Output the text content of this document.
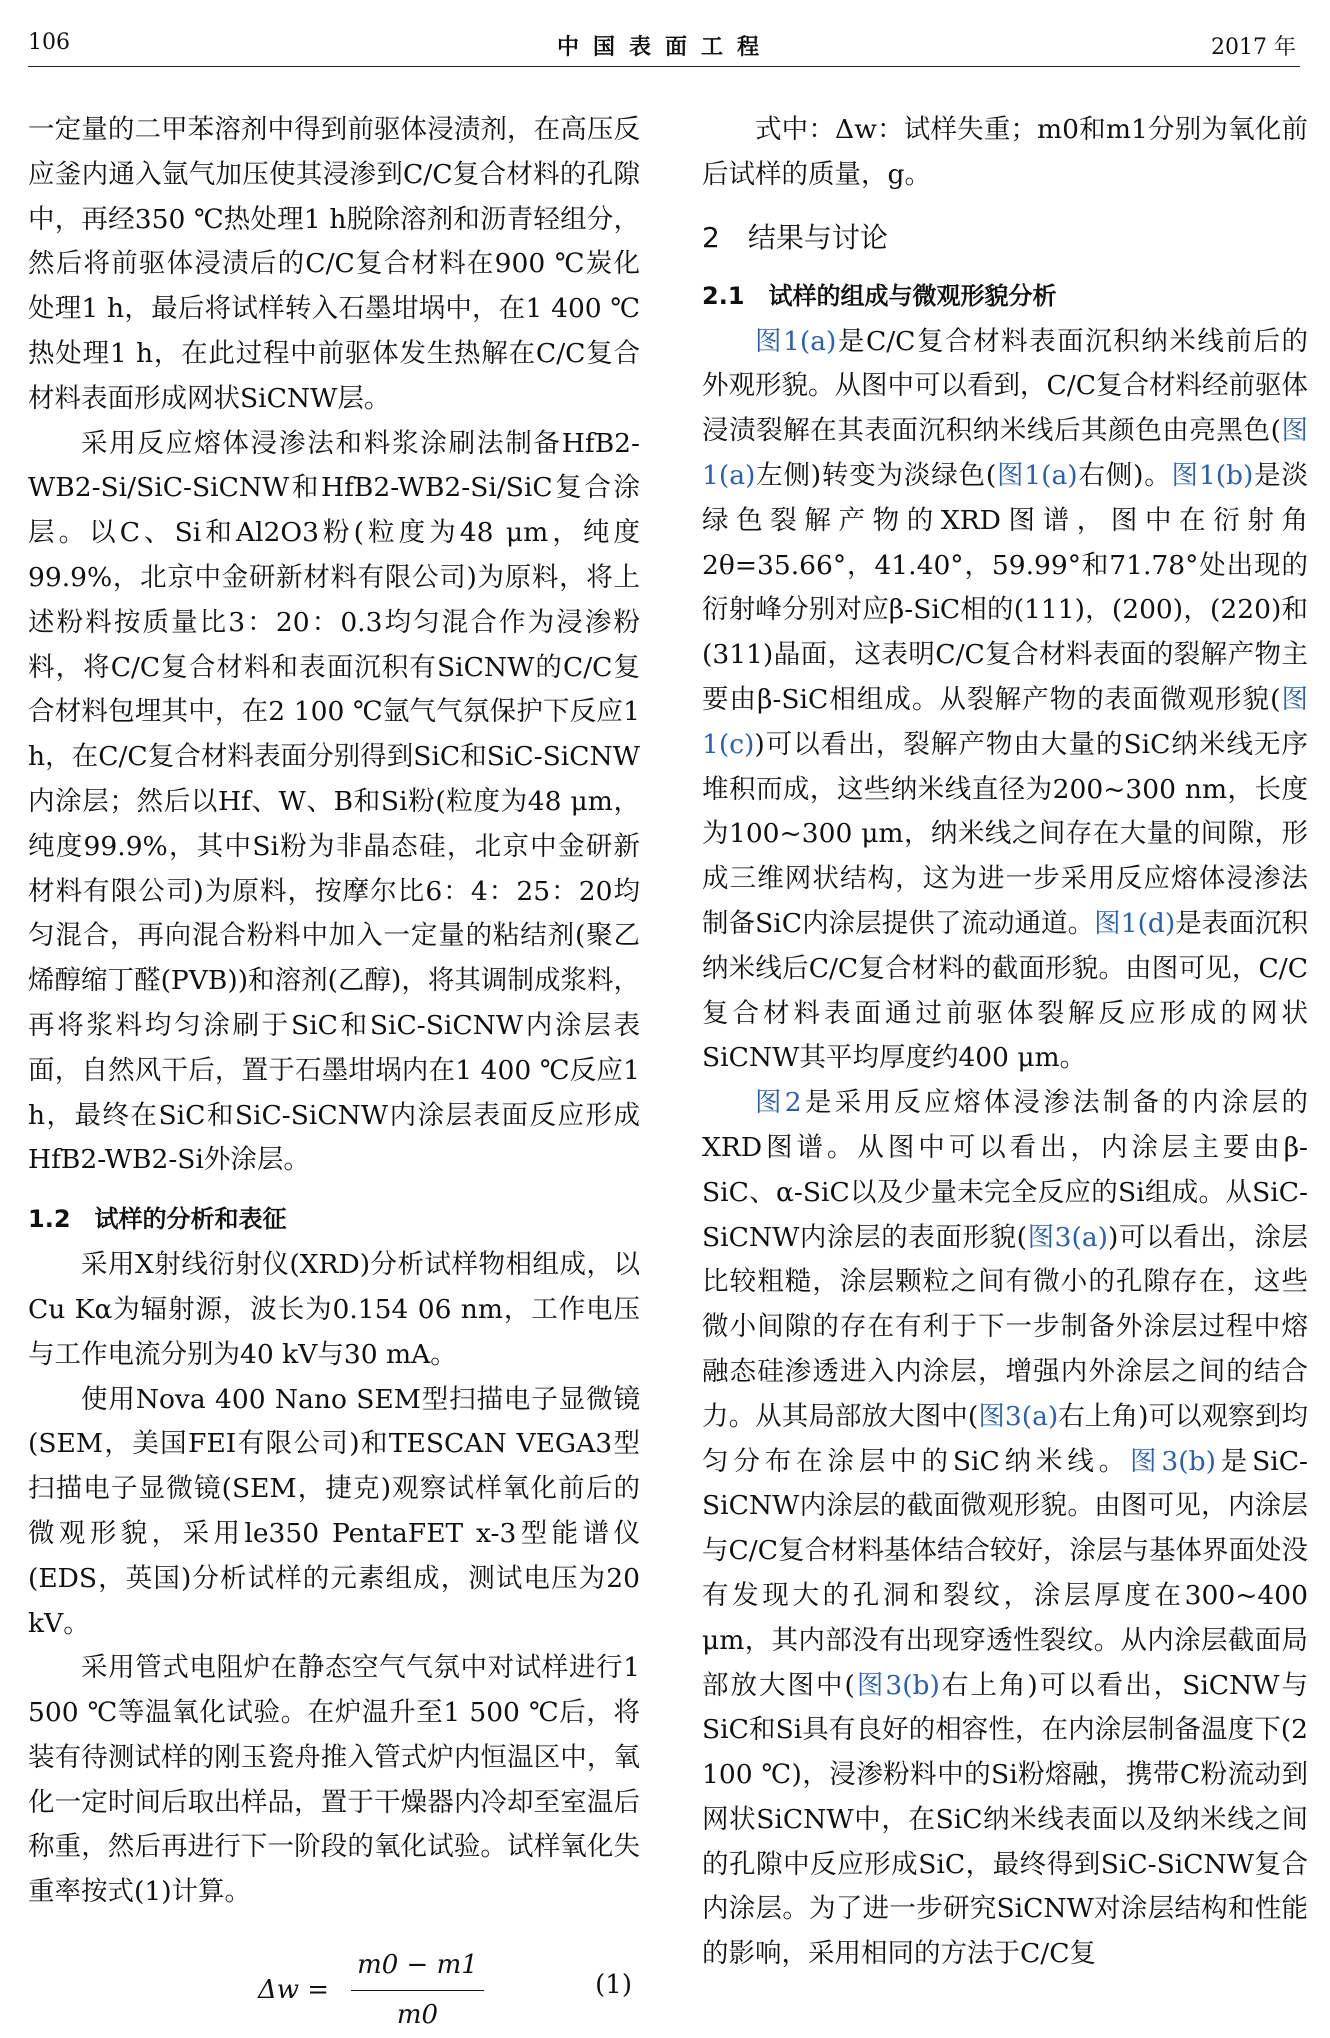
106	中国表面工程	2017 年

一定量的二甲苯溶剂中得到前驱体浸渍剂，在高压反应釜内通入氩气加压使其浸渗到C/C复合材料的孔隙中，再经350 ℃热处理1 h脱除溶剂和沥青轻组分，然后将前驱体浸渍后的C/C复合材料在900 ℃炭化处理1 h，最后将试样转入石墨坩埚中，在1 400 ℃热处理1 h，在此过程中前驱体发生热解在C/C复合材料表面形成网状SiCNW层。

采用反应熔体浸渗法和料浆涂刷法制备HfB2-WB2-Si/SiC-SiCNW和HfB2-WB2-Si/SiC复合涂层。以C、Si和Al2O3粉(粒度为48 μm，纯度99.9%，北京中金研新材料有限公司)为原料，将上述粉料按质量比3：20：0.3均匀混合作为浸渗粉料，将C/C复合材料和表面沉积有SiCNW的C/C复合材料包埋其中，在2 100 ℃氩气气氛保护下反应1 h，在C/C复合材料表面分别得到SiC和SiC-SiCNW内涂层；然后以Hf、W、B和Si粉(粒度为48 μm，纯度99.9%，其中Si粉为非晶态硅，北京中金研新材料有限公司)为原料，按摩尔比6：4：25：20均匀混合，再向混合粉料中加入一定量的粘结剂(聚乙烯醇缩丁醛(PVB))和溶剂(乙醇)，将其调制成浆料，再将浆料均匀涂刷于SiC和SiC-SiCNW内涂层表面，自然风干后，置于石墨坩埚内在1 400 ℃反应1 h，最终在SiC和SiC-SiCNW内涂层表面反应形成HfB2-WB2-Si外涂层。

1.2　试样的分析和表征

采用X射线衍射仪(XRD)分析试样物相组成，以Cu Kα为辐射源，波长为0.154 06 nm，工作电压与工作电流分别为40 kV与30 mA。

使用Nova 400 Nano SEM型扫描电子显微镜(SEM，美国FEI有限公司)和TESCAN VEGA3型扫描电子显微镜(SEM，捷克)观察试样氧化前后的微观形貌，采用le350 PentaFET x-3型能谱仪(EDS，英国)分析试样的元素组成，测试电压为20 kV。

采用管式电阻炉在静态空气气氛中对试样进行1 500 ℃等温氧化试验。在炉温升至1 500 ℃后，将装有待测试样的刚玉瓷舟推入管式炉内恒温区中，氧化一定时间后取出样品，置于干燥器内冷却至室温后称重，然后再进行下一阶段的氧化试验。试样氧化失重率按式(1)计算。

$\Delta w = \frac{m0 - m1}{m0}$	(1)

式中：Δw：试样失重；m0和m1分别为氧化前后试样的质量，g。

2　结果与讨论
2.1　试样的组成与微观形貌分析

图1(a)是C/C复合材料表面沉积纳米线前后的外观形貌。从图中可以看到，C/C复合材料经前驱体浸渍裂解在其表面沉积纳米线后其颜色由亮黑色(图1(a)左侧)转变为淡绿色(图1(a)右侧)。图1(b)是淡绿色裂解产物的XRD图谱，图中在衍射角2θ=35.66°，41.40°，59.99°和71.78°处出现的衍射峰分别对应β-SiC相的(111)，(200)，(220)和(311)晶面，这表明C/C复合材料表面的裂解产物主要由β-SiC相组成。从裂解产物的表面微观形貌(图1(c))可以看出，裂解产物由大量的SiC纳米线无序堆积而成，这些纳米线直径为200~300 nm，长度为100~300 μm，纳米线之间存在大量的间隙，形成三维网状结构，这为进一步采用反应熔体浸渗法制备SiC内涂层提供了流动通道。图1(d)是表面沉积纳米线后C/C复合材料的截面形貌。由图可见，C/C复合材料表面通过前驱体裂解反应形成的网状SiCNW其平均厚度约400 μm。

图2是采用反应熔体浸渗法制备的内涂层的XRD图谱。从图中可以看出，内涂层主要由β-SiC、α-SiC以及少量未完全反应的Si组成。从SiC-SiCNW内涂层的表面形貌(图3(a))可以看出，涂层比较粗糙，涂层颗粒之间有微小的孔隙存在，这些微小间隙的存在有利于下一步制备外涂层过程中熔融态硅渗透进入内涂层，增强内外涂层之间的结合力。从其局部放大图中(图3(a)右上角)可以观察到均匀分布在涂层中的SiC纳米线。图3(b)是SiC-SiCNW内涂层的截面微观形貌。由图可见，内涂层与C/C复合材料基体结合较好，涂层与基体界面处没有发现大的孔洞和裂纹，涂层厚度在300~400 μm，其内部没有出现穿透性裂纹。从内涂层截面局部放大图中(图3(b)右上角)可以看出，SiCNW与SiC和Si具有良好的相容性，在内涂层制备温度下(2 100 ℃)，浸渗粉料中的Si粉熔融，携带C粉流动到网状SiCNW中，在SiC纳米线表面以及纳米线之间的孔隙中反应形成SiC，最终得到SiC-SiCNW复合内涂层。为了进一步研究SiCNW对涂层结构和性能的影响，采用相同的方法于C/C复
